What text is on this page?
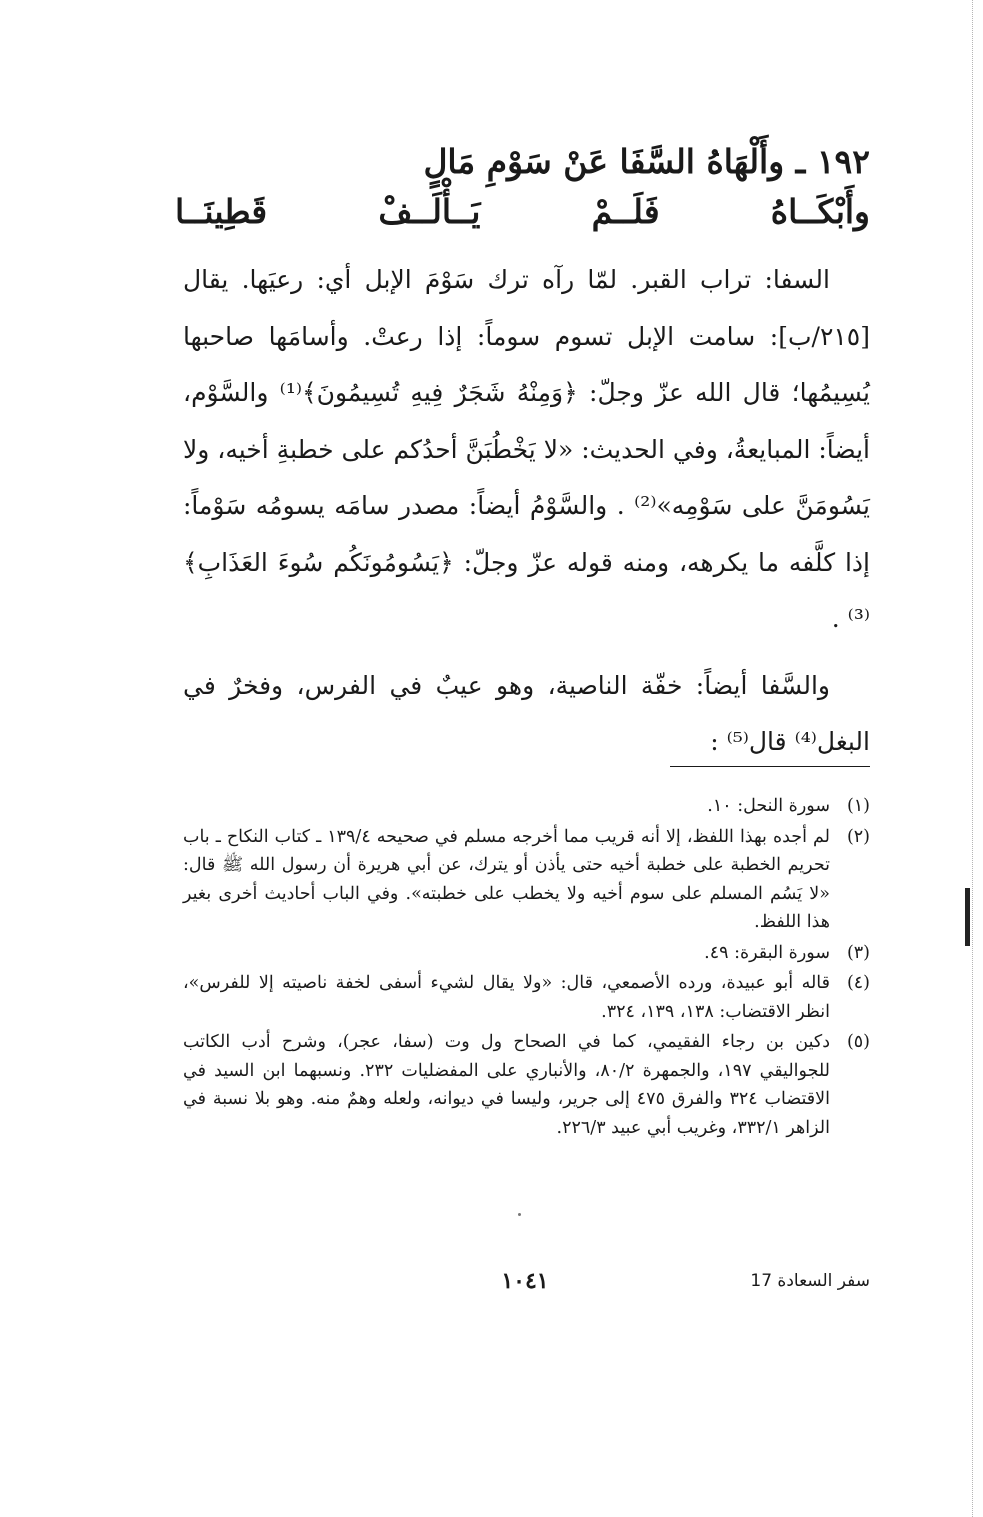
١٩٢ ـ وأَلْهَاهُ السَّفَا عَنْ سَوْمِ مَالٍ
وأَبْكَــاهُ فَلَــمْ يَــأْلَــفْ قَطِينَــا

السفا: تراب القبر. لمّا رآه ترك سَوْمَ الإبل أي: رعيَها. يقال [٢١٥/ب]: سامت الإبل تسوم سوماً: إذا رعتْ. وأسامَها صاحبها يُسِيمُها؛ قال الله عزّ وجلّ: ﴿وَمِنْهُ شَجَرٌ فِيهِ تُسِيمُونَ﴾⁽¹⁾ والسَّوْم، أيضاً: المبايعةُ، وفي الحديث: «لا يَخْطُبَنَّ أحدُكم على خطبةِ أخيه، ولا يَسُومَنَّ على سَوْمِه»⁽²⁾ . والسَّوْمُ أيضاً: مصدر سامَه يسومُه سَوْماً: إذا كلَّفه ما يكرهه، ومنه قوله عزّ وجلّ: ﴿يَسُومُونَكُم سُوءَ العَذَابِ﴾⁽³⁾ .

والسَّفا أيضاً: خفّة الناصية، وهو عيبٌ في الفرس، وفخرٌ في البغل⁽⁴⁾ قال⁽⁵⁾ :

(١)
سورة النحل: ١٠.
(٢)
لم أجده بهذا اللفظ، إلا أنه قريب مما أخرجه مسلم في صحيحه ١٣٩/٤ ـ كتاب النكاح ـ باب تحريم الخطبة على خطبة أخيه حتى يأذن أو يترك، عن أبي هريرة أن رسول الله ﷺ قال: «لا يَسُم المسلم على سوم أخيه ولا يخطب على خطبته». وفي الباب أحاديث أخرى بغير هذا اللفظ.
(٣)
سورة البقرة: ٤٩.
(٤)
قاله أبو عبيدة، ورده الأصمعي، قال: «ولا يقال لشيء أسفى لخفة ناصيته إلا للفرس»، انظر الاقتضاب: ١٣٨، ١٣٩، ٣٢٤.
(٥)
دكين بن رجاء الفقيمي، كما في الصحاح ول وت (سفا، عجر)، وشرح أدب الكاتب للجواليقي ١٩٧، والجمهرة ٨٠/٢، والأنباري على المفضليات ٢٣٢. ونسبهما ابن السيد في الاقتضاب ٣٢٤ والفرق ٤٧٥ إلى جرير، وليسا في ديوانه، ولعله وهمٌ منه. وهو بلا نسبة في الزاهر ٣٣٢/١، وغريب أبي عبيد ٢٢٦/٣.
سفر السعادة 17
١٠٤١
